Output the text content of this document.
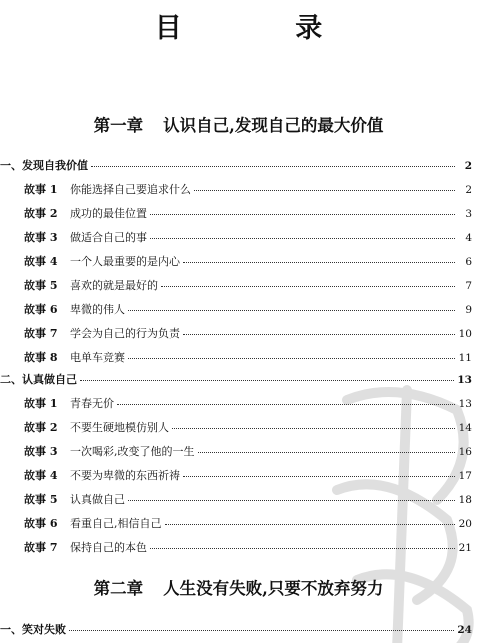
目 录
第一章 认识自己,发现自己的最大价值
一、发现自我价值	2
故事 1	你能选择自己要追求什么	2
故事 2	成功的最佳位置	3
故事 3	做适合自己的事	4
故事 4	一个人最重要的是内心	6
故事 5	喜欢的就是最好的	7
故事 6	卑微的伟人	9
故事 7	学会为自己的行为负责	10
故事 8	电单车竞赛	11
二、认真做自己	13
故事 1	青春无价	13
故事 2	不要生硬地模仿别人	14
故事 3	一次喝彩,改变了他的一生	16
故事 4	不要为卑微的东西祈祷	17
故事 5	认真做自己	18
故事 6	看重自己,相信自己	20
故事 7	保持自己的本色	21
第二章 人生没有失败,只要不放弃努力
一、笑对失败	24
